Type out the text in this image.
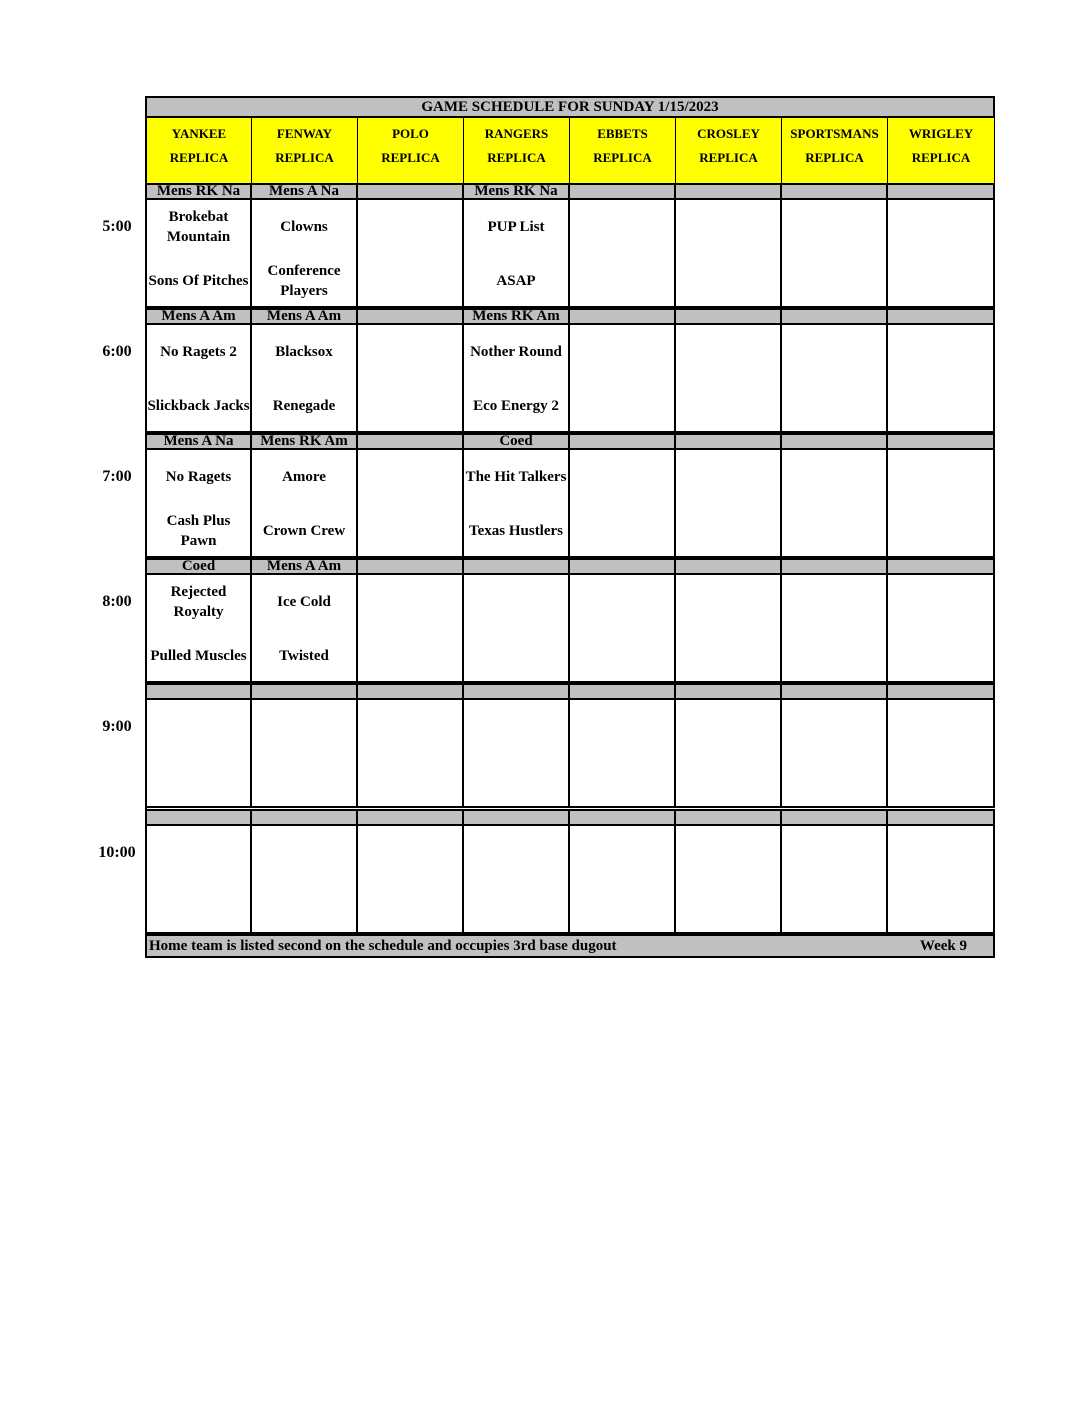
GAME SCHEDULE FOR SUNDAY 1/15/2023
YANKEE
REPLICA
FENWAY
REPLICA
POLO
REPLICA
RANGERS
REPLICA
EBBETS
REPLICA
CROSLEY
REPLICA
SPORTSMANS
REPLICA
WRIGLEY
REPLICA
5:00
Mens RK Na
Brokebat Mountain
Sons Of Pitches
Mens A Na
Clowns
Conference Players
Mens RK Na
PUP List
ASAP
6:00
Mens A Am
No Ragets 2
Slickback Jacks
Mens A Am
Blacksox
Renegade
Mens RK Am
Nother Round
Eco Energy 2
7:00
Mens A Na
No Ragets
Cash Plus Pawn
Mens RK Am
Amore
Crown Crew
Coed
The Hit Talkers
Texas Hustlers
8:00
Coed
Rejected Royalty
Pulled Muscles
Mens A Am
Ice Cold
Twisted
9:00
10:00
Home team is listed second on the schedule and occupies 3rd base dugout	Week 9
